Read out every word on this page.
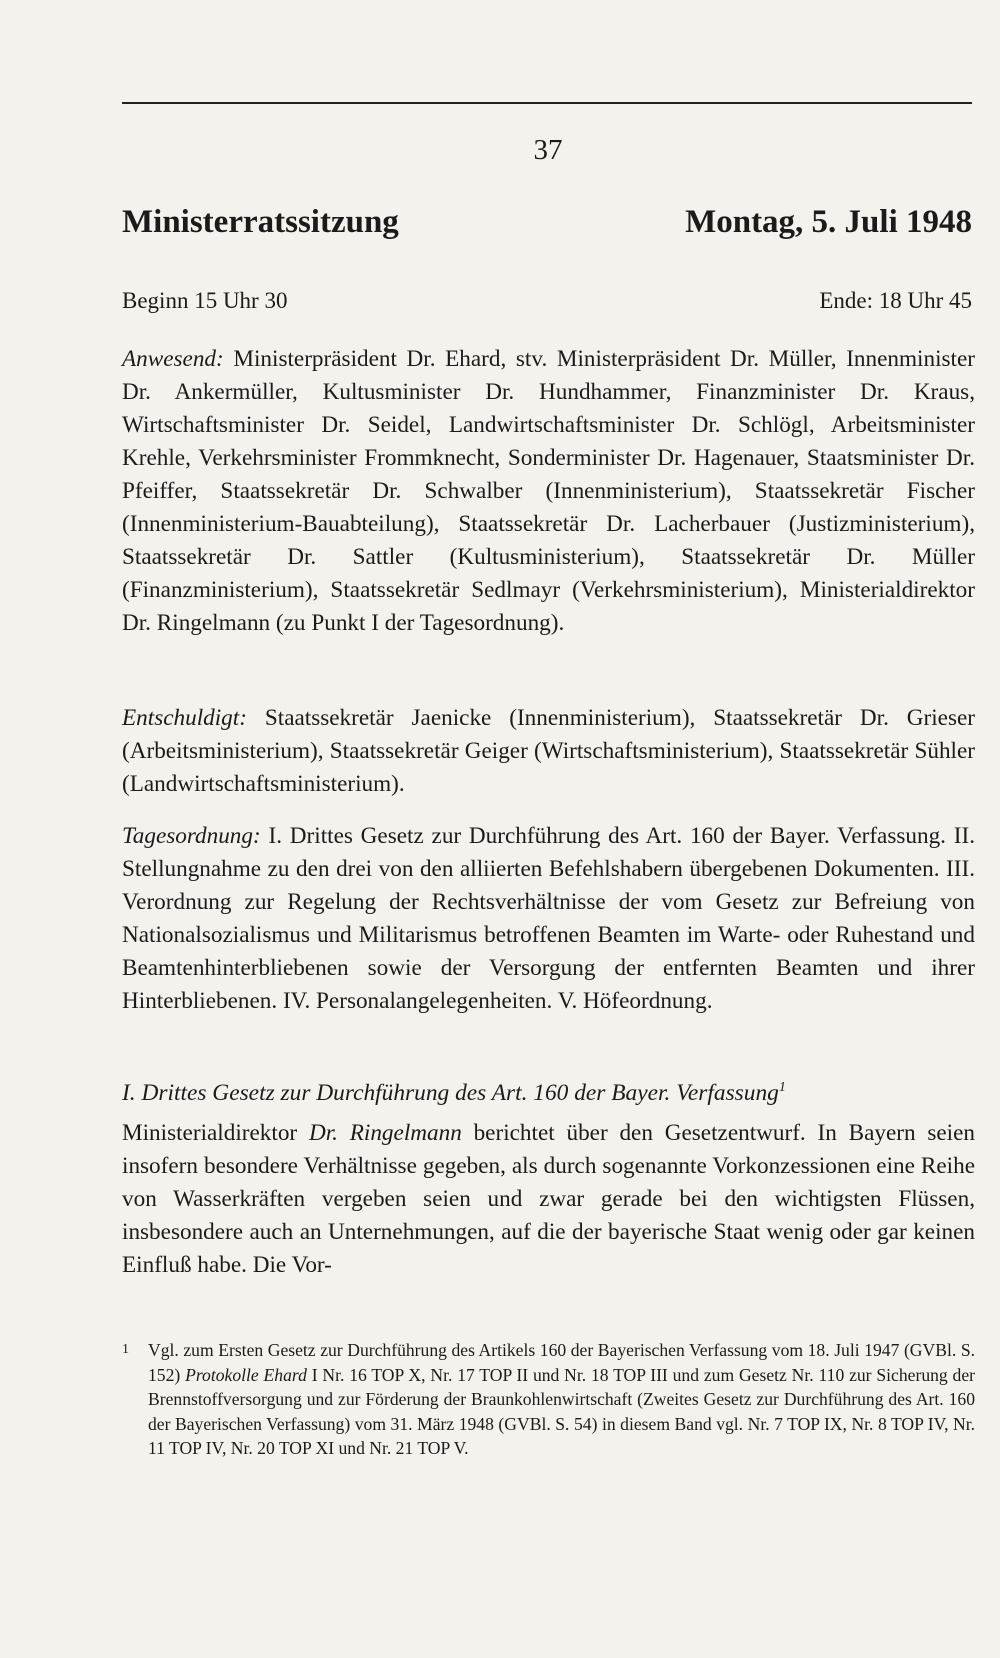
37
Ministerratssitzung	Montag, 5. Juli 1948
Beginn 15 Uhr 30	Ende: 18 Uhr 45
Anwesend: Ministerpräsident Dr. Ehard, stv. Ministerpräsident Dr. Müller, Innenminister Dr. Ankermüller, Kultusminister Dr. Hundhammer, Finanzminister Dr. Kraus, Wirtschaftsminister Dr. Seidel, Landwirtschaftsminister Dr. Schlögl, Arbeitsminister Krehle, Verkehrsminister Frommknecht, Sonderminister Dr. Hagenauer, Staatsminister Dr. Pfeiffer, Staatssekretär Dr. Schwalber (Innenministerium), Staatssekretär Fischer (Innenministerium-Bauabteilung), Staatssekretär Dr. Lacherbauer (Justizministerium), Staatssekretär Dr. Sattler (Kultusministerium), Staatssekretär Dr. Müller (Finanzministerium), Staatssekretär Sedlmayr (Verkehrsministerium), Ministerialdirektor Dr. Ringelmann (zu Punkt I der Tagesordnung).
Entschuldigt: Staatssekretär Jaenicke (Innenministerium), Staatssekretär Dr. Grieser (Arbeitsministerium), Staatssekretär Geiger (Wirtschaftsministerium), Staatssekretär Sühler (Landwirtschaftsministerium).
Tagesordnung: I. Drittes Gesetz zur Durchführung des Art. 160 der Bayer. Verfassung. II. Stellungnahme zu den drei von den alliierten Befehlshabern übergebenen Dokumenten. III. Verordnung zur Regelung der Rechtsverhältnisse der vom Gesetz zur Befreiung von Nationalsozialismus und Militarismus betroffenen Beamten im Warte- oder Ruhestand und Beamtenhinterbliebenen sowie der Versorgung der entfernten Beamten und ihrer Hinterbliebenen. IV. Personalangelegenheiten. V. Höfeordnung.
I. Drittes Gesetz zur Durchführung des Art. 160 der Bayer. Verfassung$^1$
Ministerialdirektor Dr. Ringelmann berichtet über den Gesetzentwurf. In Bayern seien insofern besondere Verhältnisse gegeben, als durch sogenannte Vorkonzessionen eine Reihe von Wasserkräften vergeben seien und zwar gerade bei den wichtigsten Flüssen, insbesondere auch an Unternehmungen, auf die der bayerische Staat wenig oder gar keinen Einfluß habe. Die Vor-
1 Vgl. zum Ersten Gesetz zur Durchführung des Artikels 160 der Bayerischen Verfassung vom 18. Juli 1947 (GVBl. S. 152) Protokolle Ehard I Nr. 16 TOP X, Nr. 17 TOP II und Nr. 18 TOP III und zum Gesetz Nr. 110 zur Sicherung der Brennstoffversorgung und zur Förderung der Braunkohlenwirtschaft (Zweites Gesetz zur Durchführung des Art. 160 der Bayerischen Verfassung) vom 31. März 1948 (GVBl. S. 54) in diesem Band vgl. Nr. 7 TOP IX, Nr. 8 TOP IV, Nr. 11 TOP IV, Nr. 20 TOP XI und Nr. 21 TOP V.
